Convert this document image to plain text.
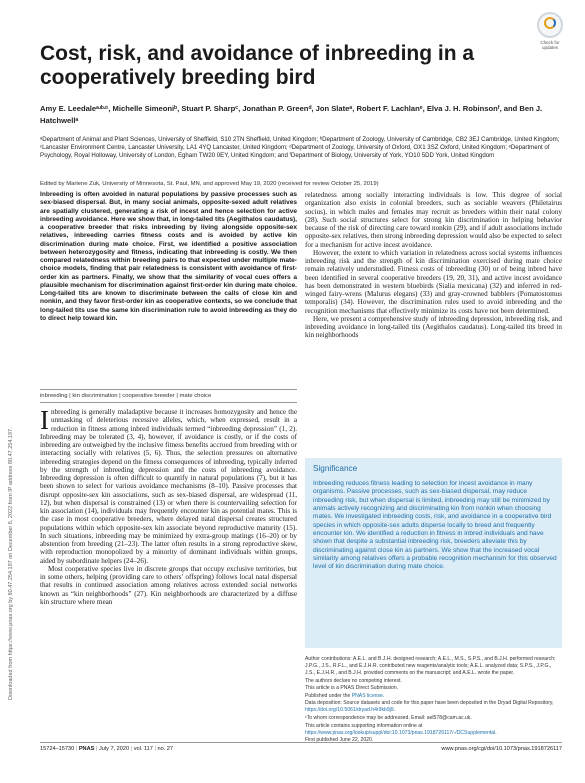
Downloaded from https://www.pnas.org by 80.47.254.197 on December 6, 2022 from IP address 80.47.254.197.
Check for updates
Cost, risk, and avoidance of inbreeding in a cooperatively breeding bird
Amy E. Leedaleᵃʴᵇʴ¹, Michelle Simeoniᵇ, Stuart P. Sharpᶜ, Jonathan P. Greenᵈ, Jon Slateᵃ, Robert F. Lachlanᵉ, Elva J. H. Robinsonᶠ, and Ben J. Hatchwellᵃ
ᵃDepartment of Animal and Plant Sciences, University of Sheffield, S10 2TN Sheffield, United Kingdom; ᵇDepartment of Zoology, University of Cambridge, CB2 3EJ Cambridge, United Kingdom; ᶜLancaster Environment Centre, Lancaster University, LA1 4YQ Lancaster, United Kingdom; ᵈDepartment of Zoology, University of Oxford, OX1 3SZ Oxford, United Kingdom; ᵉDepartment of Psychology, Royal Holloway, University of London, Egham TW20 0EY, United Kingdom; and ᶠDepartment of Biology, University of York, YO10 5DD York, United Kingdom
Edited by Marlene Zuk, University of Minnesota, St. Paul, MN, and approved May 19, 2020 (received for review October 25, 2019)
Inbreeding is often avoided in natural populations by passive processes such as sex-biased dispersal. But, in many social animals, opposite-sexed adult relatives are spatially clustered, generating a risk of incest and hence selection for active inbreeding avoidance. Here we show that, in long-tailed tits (Aegithalos caudatus), a cooperative breeder that risks inbreeding by living alongside opposite-sex relatives, inbreeding carries fitness costs and is avoided by active kin discrimination during mate choice. First, we identified a positive association between heterozygosity and fitness, indicating that inbreeding is costly. We then compared relatedness within breeding pairs to that expected under multiple mate-choice models, finding that pair relatedness is consistent with avoidance of first-order kin as partners. Finally, we show that the similarity of vocal cues offers a plausible mechanism for discrimination against first-order kin during mate choice. Long-tailed tits are known to discriminate between the calls of close kin and nonkin, and they favor first-order kin as cooperative contexts, so we conclude that long-tailed tits use the same kin discrimination rule to avoid inbreeding as they do to direct help toward kin.
inbreeding | kin discrimination | cooperative breeder | mate choice

Inbreeding is generally maladaptive because it increases homozygosity and hence the unmasking of deleterious recessive alleles, which, when expressed, result in a reduction in fitness among inbred individuals termed “inbreeding depression” (1, 2). Inbreeding may be tolerated (3, 4), however, if avoidance is costly, or if the costs of inbreeding are outweighed by the inclusive fitness benefits accrued from breeding with or interacting socially with relatives (5, 6). Thus, the selection pressures on alternative inbreeding strategies depend on the fitness consequences of inbreeding, typically inferred by the strength of inbreeding depression and the costs of inbreeding avoidance. Inbreeding depression is often difficult to quantify in natural populations (7), but it has been shown to select for various avoidance mechanisms (8–10). Passive processes that disrupt opposite-sex kin associations, such as sex-biased dispersal, are widespread (11, 12), but when dispersal is constrained (13) or when there is countervailing selection for kin association (14), individuals may frequently encounter kin as potential mates. This is the case in most cooperative breeders, where delayed natal dispersal creates structured populations within which opposite-sex kin associate beyond reproductive maturity (15). In such situations, inbreeding may be minimized by extra-group matings (16–20) or by abstention from breeding (21–23). The latter often results in a strong reproductive skew, with reproduction monopolized by a minority of dominant individuals within groups, aided by subordinate helpers (24–26).

Most cooperative species live in discrete groups that occupy exclusive territories, but in some others, helping (providing care to others’ offspring) follows local natal dispersal that results in continued association among relatives across extended social networks known as “kin neighborhoods” (27). Kin neighborhoods are characterized by a diffuse kin structure where mean

relatedness among socially interacting individuals is low. This degree of social organization also exists in colonial breeders, such as sociable weavers (Philetairus socius), in which males and females may recruit as breeders within their natal colony (28). Such social structures select for strong kin discrimination in helping behavior because of the risk of directing care toward nonkin (29), and if adult associations include opposite-sex relatives, then strong inbreeding depression would also be expected to select for a mechanism for active incest avoidance.

However, the extent to which variation in relatedness across social systems influences inbreeding risk and the strength of kin discrimination exercised during mate choice remain relatively understudied. Fitness costs of inbreeding (30) or of being inbred have been identified in several cooperative breeders (19, 20, 31), and active incest avoidance has been demonstrated in western bluebirds (Sialia mexicana) (32) and inferred in red-winged fairy-wrens (Malurus elegans) (33) and gray-crowned babblers (Pomatostomus temporalis) (34). However, the discrimination rules used to avoid inbreeding and the recognition mechanisms that effectively minimize its costs have not been determined.

Here, we present a comprehensive study of inbreeding depression, inbreeding risk, and inbreeding avoidance in long-tailed tits (Aegithalos caudatus). Long-tailed tits breed in kin neighborhoods

Significance
Inbreeding reduces fitness leading to selection for incest avoidance in many organisms. Passive processes, such as sex-biased dispersal, may reduce inbreeding risk, but when dispersal is limited, inbreeding may still be minimized by animals actively recognizing and discriminating kin from nonkin when choosing mates. We investigated inbreeding costs, risk, and avoidance in a cooperative bird species in which opposite-sex adults disperse locally to breed and frequently encounter kin. We identified a reduction in fitness in inbred individuals and have shown that despite a substantial inbreeding risk, breeders alleviate this by discriminating against close kin as partners. We show that the increased vocal similarity among relatives offers a probable recognition mechanism for this observed level of kin discrimination during mate choice.

Author contributions: A.E.L. and B.J.H. designed research; A.E.L., M.S., S.P.S., and B.J.H. performed research; J.P.G., J.S., R.F.L., and E.J.H.R. contributed new reagents/analytic tools; A.E.L. analyzed data; S.P.S., J.P.G., J.S., E.J.H.R., and B.J.H. provided comments on the manuscript; and A.E.L. wrote the paper.

The authors declare no competing interest.

This article is a PNAS Direct Submission.

Published under the PNAS license.

Data deposition: Source datasets and code for this paper have been deposited in the Dryad Digital Repository, https://doi.org/10.5061/dryad.h4r9kb9j9.

¹To whom correspondence may be addressed. Email: ael578@cam.ac.uk.

This article contains supporting information online at https://www.pnas.org/lookup/suppl/doi:10.1073/pnas.1918726117/-/DCSupplemental.

First published June 22, 2020.

15724–15730 | PNAS | July 7, 2020 | vol. 117 | no. 27	www.pnas.org/cgi/doi/10.1073/pnas.1918726117
